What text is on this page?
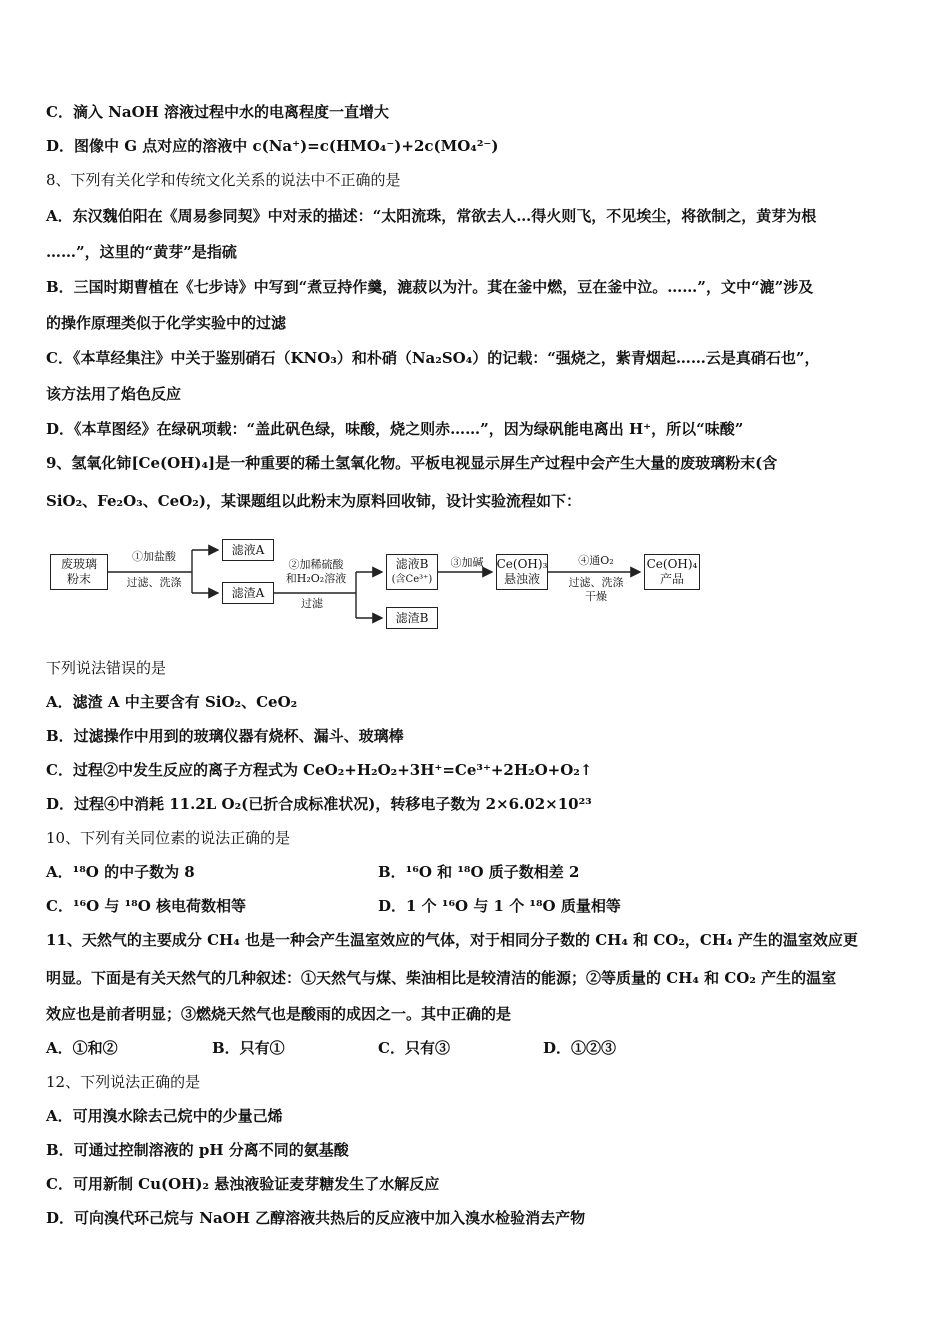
C．滴入 NaOH 溶液过程中水的电离程度一直增大
D．图像中 G 点对应的溶液中 c(Na⁺)=c(HMO₄⁻)+2c(MO₄²⁻)
8、下列有关化学和传统文化关系的说法中不正确的是
A．东汉魏伯阳在《周易参同契》中对汞的描述：“太阳流珠，常欲去人…得火则飞，不见埃尘，将欲制之，黄芽为根
……”，这里的“黄芽”是指硫
B．三国时期曹植在《七步诗》中写到“煮豆持作羹，漉菽以为汁。萁在釜中燃，豆在釜中泣。……”，文中“漉”涉及
的操作原理类似于化学实验中的过滤
C．《本草经集注》中关于鉴别硝石（KNO₃）和朴硝（Na₂SO₄）的记载：“强烧之，紫青烟起……云是真硝石也”，
该方法用了焰色反应
D．《本草图经》在绿矾项载：“盖此矾色绿，味酸，烧之则赤……”，因为绿矾能电离出 H⁺，所以“味酸”
9、氢氧化铈[Ce(OH)₄]是一种重要的稀土氢氧化物。平板电视显示屏生产过程中会产生大量的废玻璃粉末(含
SiO₂、Fe₂O₃、CeO₂)，某课题组以此粉末为原料回收铈，设计实验流程如下：
废玻璃
粉末
①加盐酸
过滤、洗涤
滤液A
滤渣A
②加稀硫酸
和H₂O₂溶液
过滤
滤液B
(含Ce³⁺)
滤渣B
③加碱	Ce(OH)₃
悬浊液
④通O₂
过滤、洗涤
干燥
Ce(OH)₄
产品
下列说法错误的是
A．滤渣 A 中主要含有 SiO₂、CeO₂
B．过滤操作中用到的玻璃仪器有烧杯、漏斗、玻璃棒
C．过程②中发生反应的离子方程式为 CeO₂+H₂O₂+3H⁺=Ce³⁺+2H₂O+O₂↑
D．过程④中消耗 11.2L O₂(已折合成标准状况)，转移电子数为 2×6.02×10²³
10、下列有关同位素的说法正确的是
A．¹⁸O 的中子数为 8	B．¹⁶O 和 ¹⁸O 质子数相差 2
C．¹⁶O 与 ¹⁸O 核电荷数相等	D．1 个 ¹⁶O 与 1 个 ¹⁸O 质量相等
11、天然气的主要成分 CH₄ 也是一种会产生温室效应的气体，对于相同分子数的 CH₄ 和 CO₂，CH₄ 产生的温室效应更
明显。下面是有关天然气的几种叙述：①天然气与煤、柴油相比是较清洁的能源；②等质量的 CH₄ 和 CO₂ 产生的温室
效应也是前者明显；③燃烧天然气也是酸雨的成因之一。其中正确的是
A．①和②	B．只有①	C．只有③	D．①②③
12、下列说法正确的是
A．可用溴水除去己烷中的少量己烯
B．可通过控制溶液的 pH 分离不同的氨基酸
C．可用新制 Cu(OH)₂ 悬浊液验证麦芽糖发生了水解反应
D．可向溴代环己烷与 NaOH 乙醇溶液共热后的反应液中加入溴水检验消去产物
